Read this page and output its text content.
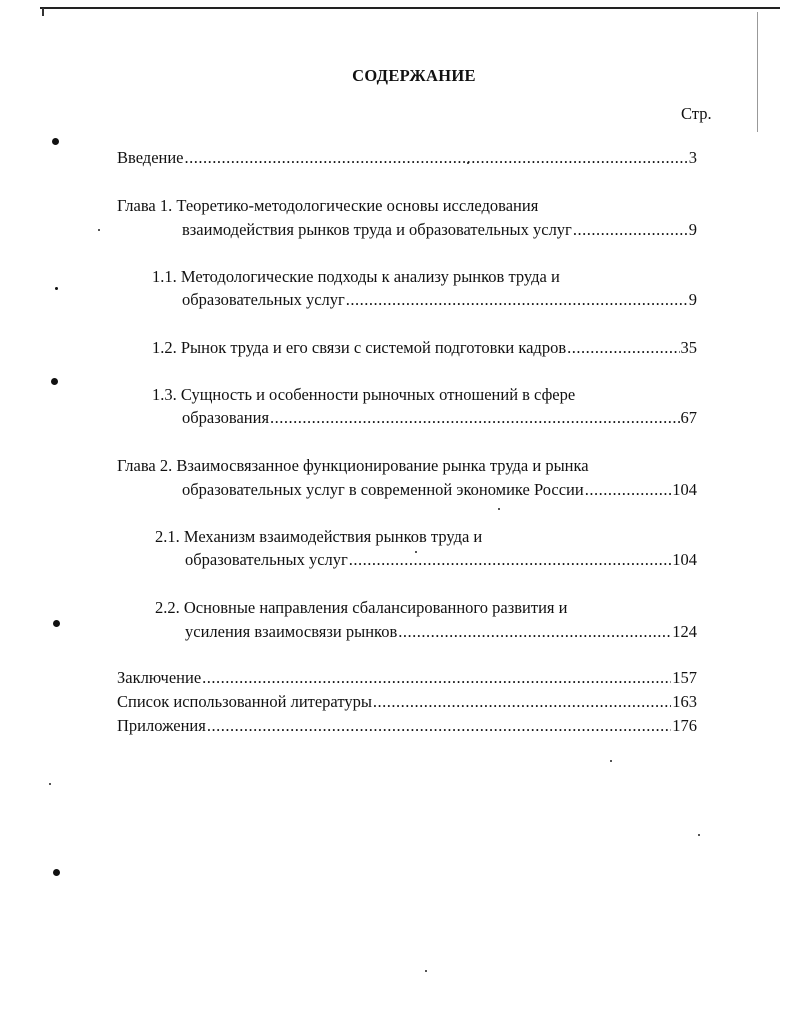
СОДЕРЖАНИЕ
Стр.
Введение .....	3
Глава 1. Теоретико-методологические основы исследования
взаимодействия рынков труда и образовательных услуг .....	9
1.1. Методологические подходы к анализу рынков труда и
образовательных услуг .....	9
1.2. Рынок труда и его связи с системой подготовки кадров .....	35
1.3. Сущность и особенности рыночных отношений в сфере
образования .....	67
Глава 2. Взаимосвязанное функционирование рынка труда и рынка
образовательных услуг в современной экономике России .....	104
2.1. Механизм взаимодействия рынков труда и
образовательных услуг .....	104
2.2. Основные направления сбалансированного развития и
усиления взаимосвязи рынков .....	124
Заключение .....	157
Список использованной литературы .....	163
Приложения .....	176
